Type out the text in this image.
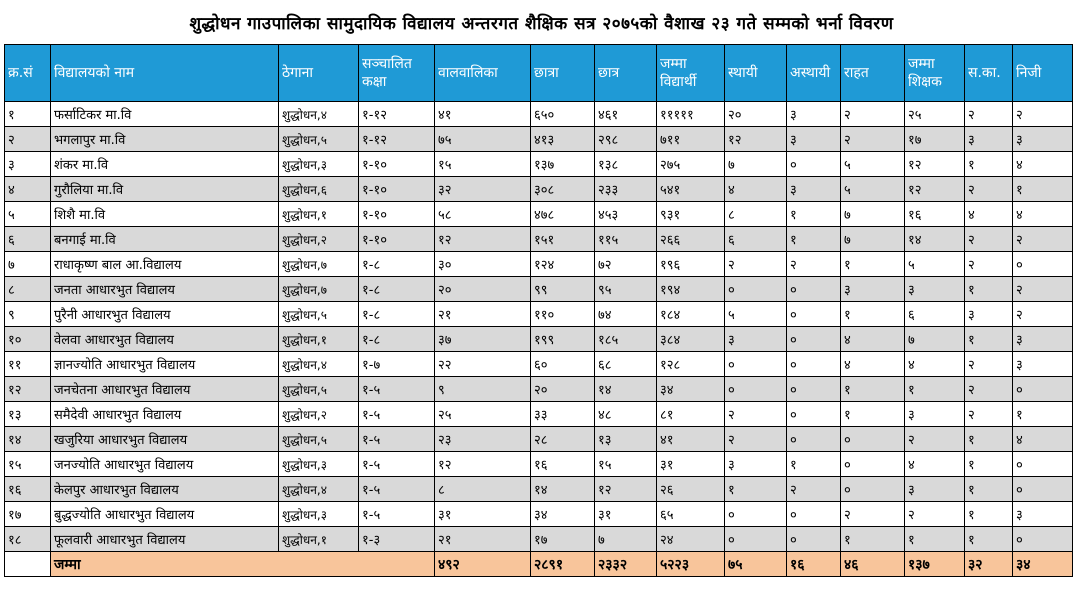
शुद्धोधन गाउपालिका सामुदायिक विद्यालय अन्तरगत शैक्षिक सत्र २०७५को वैशाख २३ गते सम्मको भर्ना विवरण
क्र.सं	विद्यालयको नाम	ठेगाना	सञ्चालित कक्षा	वालवालिका	छात्रा	छात्र	जम्मा विद्यार्थी	स्थायी	अस्थायी	राहत	जम्मा शिक्षक	स.का.	निजी
१	फर्साटिकर मा.वि	शुद्धोधन,४	१-१२	४१	६५०	४६१	१११११	२०	३	२	२५	२	२
२	भगलापुर मा.वि	शुद्धोधन,५	१-१२	७५	४१३	२९८	७११	१२	३	२	१७	३	३
३	शंकर मा.वि	शुद्धोधन,३	१-१०	१५	१३७	१३८	२७५	७	०	५	१२	१	४
४	गुरौलिया मा.वि	शुद्धोधन,६	१-१०	३२	३०८	२३३	५४१	४	३	५	१२	२	१
५	शिशै मा.वि	शुद्धोधन,१	१-१०	५८	४७८	४५३	९३१	८	१	७	१६	४	४
६	बनगाई मा.वि	शुद्धोधन,२	१-१०	१२	१५१	११५	२६६	६	१	७	१४	२	२
७	राधाकृष्ण बाल आ.विद्यालय	शुद्धोधन,७	१-८	३०	१२४	७२	१९६	२	२	१	५	२	०
८	जनता आधारभुत विद्यालय	शुद्धोधन,७	१-८	२०	९९	९५	१९४	०	०	३	३	१	२
९	पुरैनी आधारभुत विद्यालय	शुद्धोधन,५	१-८	२१	११०	७४	१८४	५	०	१	६	३	२
१०	वेलवा आधारभुत विद्यालय	शुद्धोधन,१	१-८	३७	१९९	१८५	३८४	३	०	४	७	१	३
११	ज्ञानज्योति आधारभुत विद्यालय	शुद्धोधन,४	१-७	२२	६०	६८	१२८	०	०	४	४	२	३
१२	जनचेतना आधारभुत विद्यालय	शुद्धोधन,५	१-५	९	२०	१४	३४	०	०	१	१	२	०
१३	समैदेवी आधारभुत विद्यालय	शुद्धोधन,२	१-५	२५	३३	४८	८१	२	०	१	३	२	१
१४	खजुरिया आधारभुत विद्यालय	शुद्धोधन,५	१-५	२३	२८	१३	४१	२	०	०	२	१	४
१५	जनज्योति आधारभुत विद्यालय	शुद्धोधन,३	१-५	१२	१६	१५	३१	३	१	०	४	१	०
१६	केलपुर आधारभुत विद्यालय	शुद्धोधन,४	१-५	८	१४	१२	२६	१	२	०	३	१	०
१७	बुद्धज्योति आधारभुत विद्यालय	शुद्धोधन,३	१-५	३१	३४	३१	६५	०	०	२	२	१	३
१८	फूलवारी आधारभुत विद्यालय	शुद्धोधन,१	१-३	२१	१७	७	२४	०	०	१	१	१	०
	जम्मा			४९२	२८९१	२३३२	५२२३	७५	१६	४६	१३७	३२	३४
